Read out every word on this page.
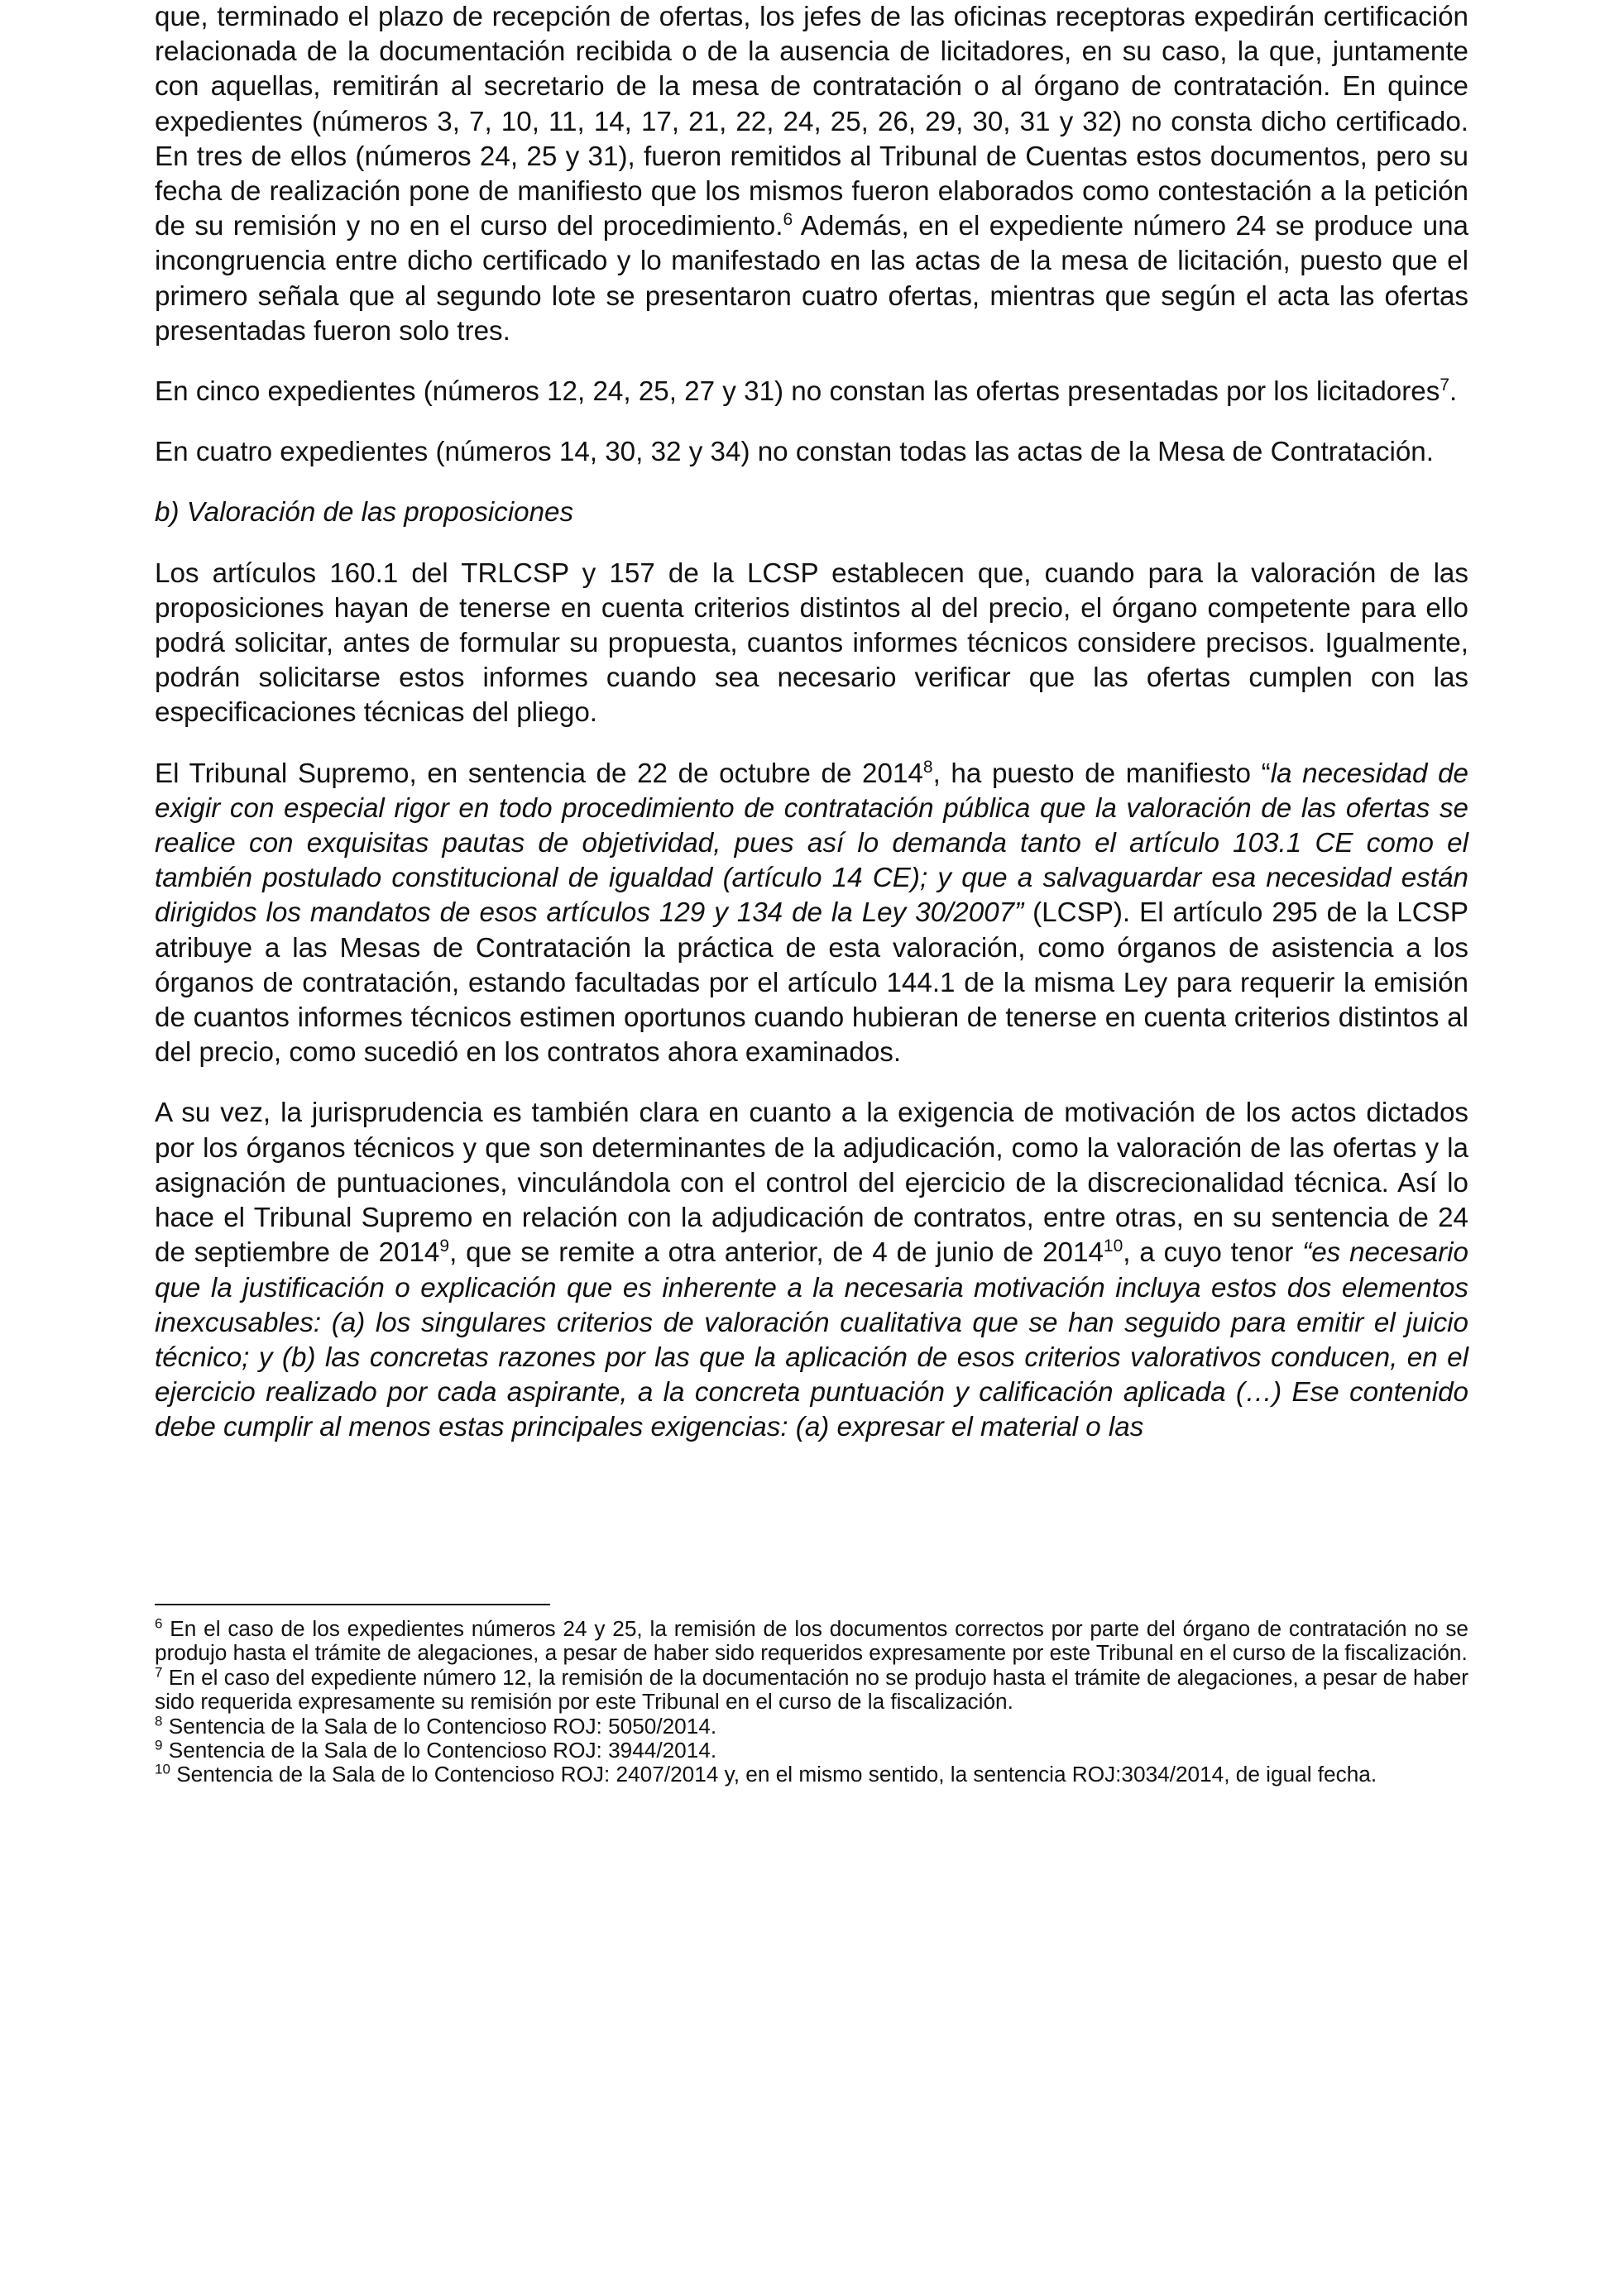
que, terminado el plazo de recepción de ofertas, los jefes de las oficinas receptoras expedirán certificación relacionada de la documentación recibida o de la ausencia de licitadores, en su caso, la que, juntamente con aquellas, remitirán al secretario de la mesa de contratación o al órgano de contratación. En quince expedientes (números 3, 7, 10, 11, 14, 17, 21, 22, 24, 25, 26, 29, 30, 31 y 32) no consta dicho certificado. En tres de ellos (números 24, 25 y 31), fueron remitidos al Tribunal de Cuentas estos documentos, pero su fecha de realización pone de manifiesto que los mismos fueron elaborados como contestación a la petición de su remisión y no en el curso del procedimiento.$^6$ Además, en el expediente número 24 se produce una incongruencia entre dicho certificado y lo manifestado en las actas de la mesa de licitación, puesto que el primero señala que al segundo lote se presentaron cuatro ofertas, mientras que según el acta las ofertas presentadas fueron solo tres.

En cinco expedientes (números 12, 24, 25, 27 y 31) no constan las ofertas presentadas por los licitadores$^7$.

En cuatro expedientes (números 14, 30, 32 y 34) no constan todas las actas de la Mesa de Contratación.

b) Valoración de las proposiciones

Los artículos 160.1 del TRLCSP y 157 de la LCSP establecen que, cuando para la valoración de las proposiciones hayan de tenerse en cuenta criterios distintos al del precio, el órgano competente para ello podrá solicitar, antes de formular su propuesta, cuantos informes técnicos considere precisos. Igualmente, podrán solicitarse estos informes cuando sea necesario verificar que las ofertas cumplen con las especificaciones técnicas del pliego.

El Tribunal Supremo, en sentencia de 22 de octubre de 2014$^8$, ha puesto de manifiesto “la necesidad de exigir con especial rigor en todo procedimiento de contratación pública que la valoración de las ofertas se realice con exquisitas pautas de objetividad, pues así lo demanda tanto el artículo 103.1 CE como el también postulado constitucional de igualdad (artículo 14 CE); y que a salvaguardar esa necesidad están dirigidos los mandatos de esos artículos 129 y 134 de la Ley 30/2007” (LCSP). El artículo 295 de la LCSP atribuye a las Mesas de Contratación la práctica de esta valoración, como órganos de asistencia a los órganos de contratación, estando facultadas por el artículo 144.1 de la misma Ley para requerir la emisión de cuantos informes técnicos estimen oportunos cuando hubieran de tenerse en cuenta criterios distintos al del precio, como sucedió en los contratos ahora examinados.

A su vez, la jurisprudencia es también clara en cuanto a la exigencia de motivación de los actos dictados por los órganos técnicos y que son determinantes de la adjudicación, como la valoración de las ofertas y la asignación de puntuaciones, vinculándola con el control del ejercicio de la discrecionalidad técnica. Así lo hace el Tribunal Supremo en relación con la adjudicación de contratos, entre otras, en su sentencia de 24 de septiembre de 2014$^9$, que se remite a otra anterior, de 4 de junio de 2014$^{10}$, a cuyo tenor “es necesario que la justificación o explicación que es inherente a la necesaria motivación incluya estos dos elementos inexcusables: (a) los singulares criterios de valoración cualitativa que se han seguido para emitir el juicio técnico; y (b) las concretas razones por las que la aplicación de esos criterios valorativos conducen, en el ejercicio realizado por cada aspirante, a la concreta puntuación y calificación aplicada (…) Ese contenido debe cumplir al menos estas principales exigencias: (a) expresar el material o las

$^6$ En el caso de los expedientes números 24 y 25, la remisión de los documentos correctos por parte del órgano de contratación no se produjo hasta el trámite de alegaciones, a pesar de haber sido requeridos expresamente por este Tribunal en el curso de la fiscalización.

$^7$ En el caso del expediente número 12, la remisión de la documentación no se produjo hasta el trámite de alegaciones, a pesar de haber sido requerida expresamente su remisión por este Tribunal en el curso de la fiscalización.

$^8$ Sentencia de la Sala de lo Contencioso ROJ: 5050/2014.

$^9$ Sentencia de la Sala de lo Contencioso ROJ: 3944/2014.

$^{10}$ Sentencia de la Sala de lo Contencioso ROJ: 2407/2014 y, en el mismo sentido, la sentencia ROJ:3034/2014, de igual fecha.
